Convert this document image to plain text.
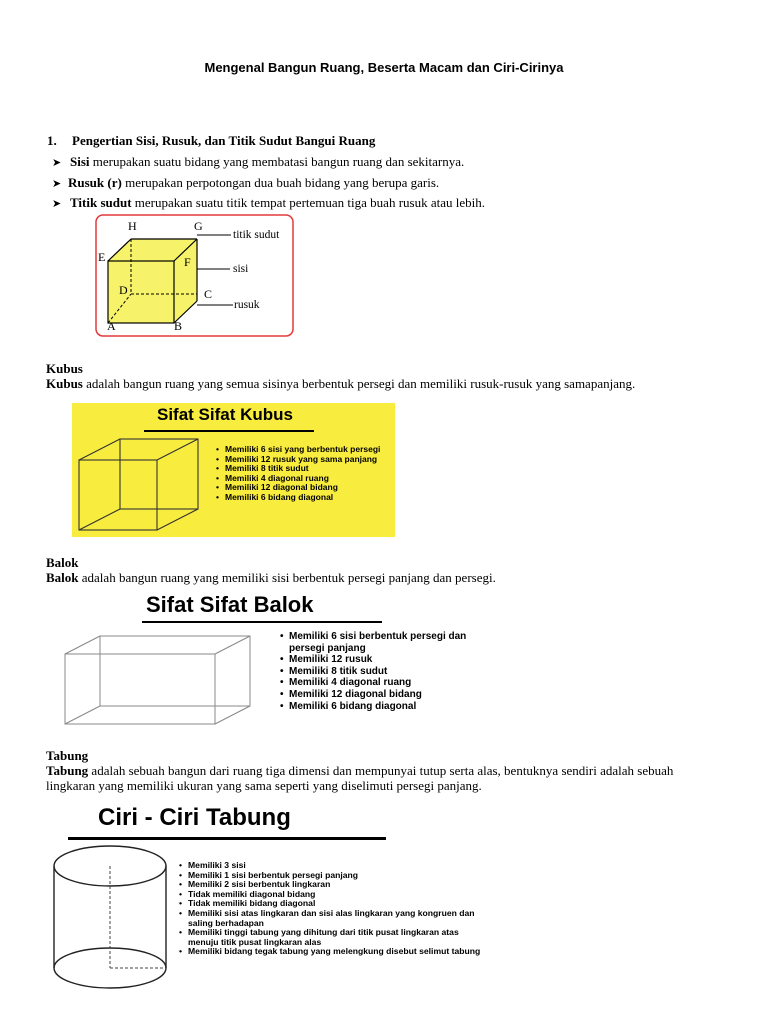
Mengenal Bangun Ruang, Beserta Macam dan Ciri-Cirinya
1. Pengertian Sisi, Rusuk, dan Titik Sudut Bangui Ruang
➤ Sisi merupakan suatu bidang yang membatasi bangun ruang dan sekitarnya.
➤ Rusuk (r) merupakan perpotongan dua buah bidang yang berupa garis.
➤ Titik sudut merupakan suatu titik tempat pertemuan tiga buah rusuk atau lebih.
H	G
E	F
D	C
A	B
titik sudut
sisi
rusuk
Kubus
Kubus adalah bangun ruang yang semua sisinya berbentuk persegi dan memiliki rusuk-rusuk yang samapanjang.
Sifat Sifat Kubus
• Memiliki 6 sisi yang berbentuk persegi
• Memiliki 12 rusuk yang sama panjang
• Memiliki 8 titik sudut
• Memiliki 4 diagonal ruang
• Memiliki 12 diagonal bidang
• Memiliki 6 bidang diagonal
Balok
Balok adalah bangun ruang yang memiliki sisi berbentuk persegi panjang dan persegi.
Sifat Sifat Balok
• Memiliki 6 sisi berbentuk persegi dan persegi panjang
• Memiliki 12 rusuk
• Memiliki 8 titik sudut
• Memiliki 4 diagonal ruang
• Memiliki 12 diagonal bidang
• Memiliki 6 bidang diagonal
Tabung
Tabung adalah sebuah bangun dari ruang tiga dimensi dan mempunyai tutup serta alas, bentuknya sendiri adalah sebuah
lingkaran yang memiliki ukuran yang sama seperti yang diselimuti persegi panjang.
Ciri - Ciri Tabung
• Memiliki 3 sisi
• Memiliki 1 sisi berbentuk persegi panjang
• Memiliki 2 sisi berbentuk lingkaran
• Tidak memiliki diagonal bidang
• Tidak memiliki bidang diagonal
• Memiliki sisi atas lingkaran dan sisi alas lingkaran yang kongruen dan saling berhadapan
• Memiliki tinggi tabung yang dihitung dari titik pusat lingkaran atas menuju titik pusat lingkaran alas
• Memiliki bidang tegak tabung yang melengkung disebut selimut tabung
